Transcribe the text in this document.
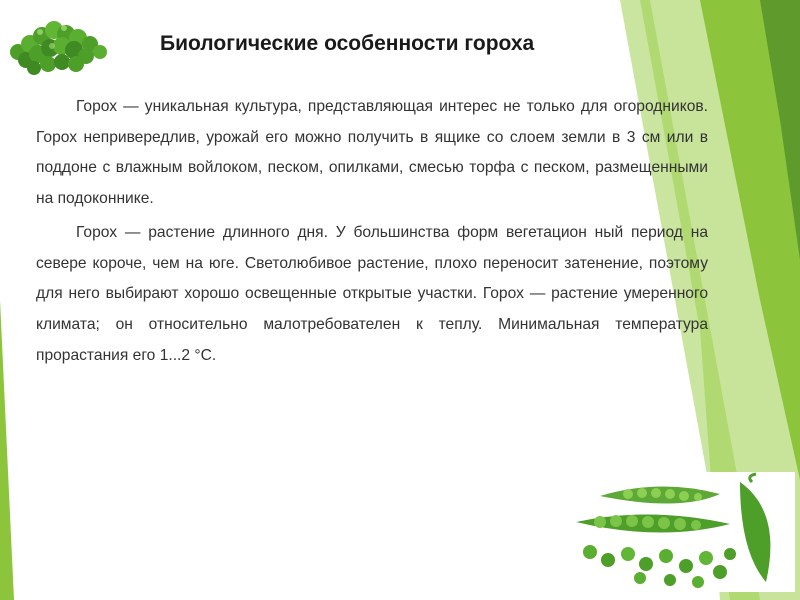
Биологические особенности гороха

Горох — уникальная культура, представляющая интерес не только для огородников. Горох непривередлив, урожай его можно получить в ящике со слоем земли в 3 см или в поддоне с влажным войлоком, песком, опилками, смесью торфа с песком, размещенными на подоконнике.

Горох — растение длинного дня. У большинства форм вегетацион ный период на севере короче, чем на юге. Светолюбивое растение, плохо переносит затенение, поэтому для него выбирают хорошо освещенные открытые участки. Горох — растение умеренного климата; он относительно малотребователен к теплу. Минимальная температура прорастания его 1...2 °С.
